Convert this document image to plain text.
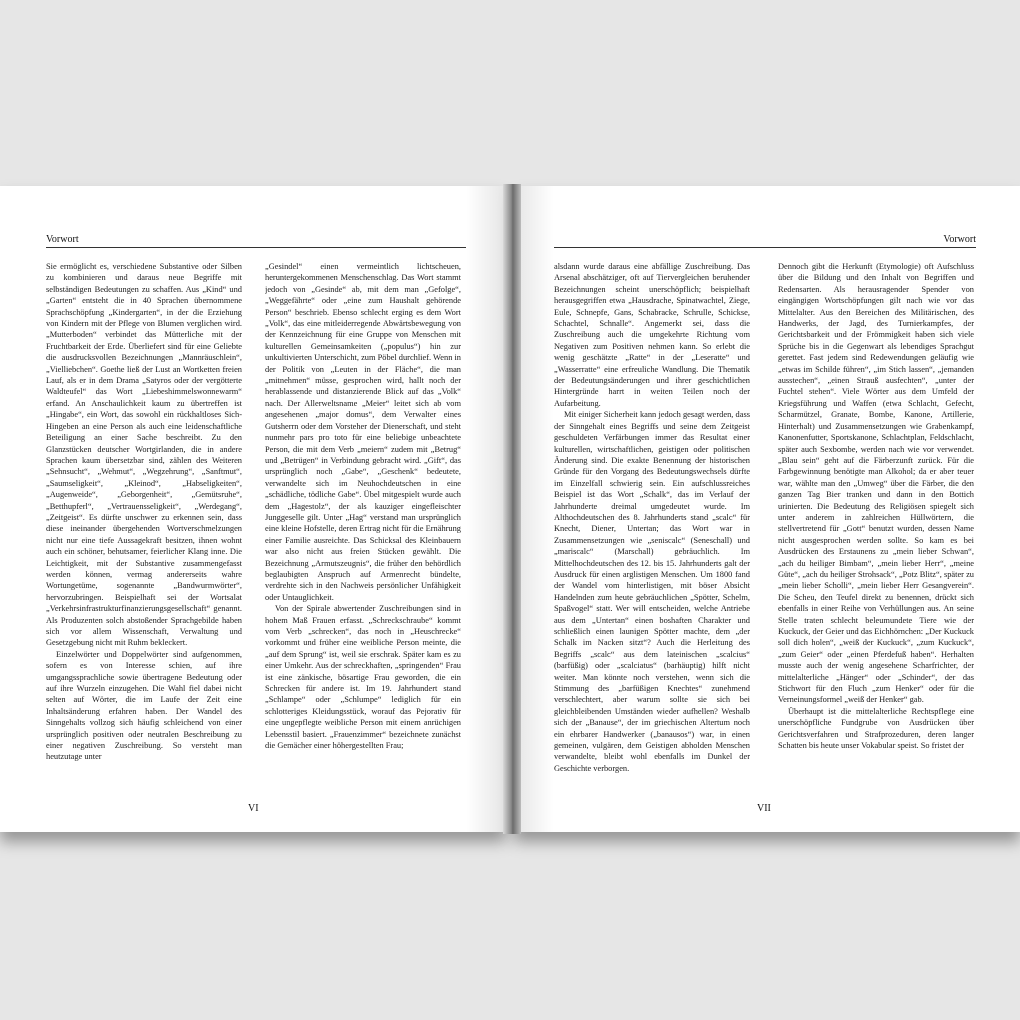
Vorwort

Sie ermöglicht es, verschiedene Substantive oder Silben zu kombinieren und daraus neue Begriffe mit selbständigen Bedeutungen zu schaffen. Aus „Kind“ und „Garten“ entsteht die in 40 Sprachen übernommene Sprachschöpfung „Kindergarten“, in der die Erziehung von Kindern mit der Pflege von Blumen verglichen wird. „Mutterboden“ verbindet das Mütterliche mit der Fruchtbarkeit der Erde. Überliefert sind für eine Geliebte die ausdrucksvollen Bezeichnungen „Mannräuschlein“, „Vielliebchen“. Goethe ließ der Lust an Wortketten freien Lauf, als er in dem Drama „Satyros oder der vergötterte Waldteufel“ das Wort „Liebeshimmelswonnewarm“ erfand. An Anschaulichkeit kaum zu übertreffen ist „Hingabe“, ein Wort, das sowohl ein rückhaltloses Sich-Hingeben an eine Person als auch eine leidenschaftliche Beteiligung an einer Sache beschreibt. Zu den Glanzstücken deutscher Wortgirlanden, die in andere Sprachen kaum übersetzbar sind, zählen des Weiteren „Sehnsucht“, „Wehmut“, „Wegzehrung“, „Sanftmut“, „Saumseligkeit“, „Kleinod“, „Habseligkeiten“, „Augenweide“, „Geborgenheit“, „Gemütsruhe“, „Betthupferl“, „Vertrauensseligkeit“, „Werdegang“, „Zeitgeist“. Es dürfte unschwer zu erkennen sein, dass diese ineinander übergehenden Wortverschmelzungen nicht nur eine tiefe Aussagekraft besitzen, ihnen wohnt auch ein schöner, behutsamer, feierlicher Klang inne. Die Leichtigkeit, mit der Substantive zusammengefasst werden können, vermag andererseits wahre Wortungetüme, sogenannte „Bandwurmwörter“, hervorzubringen. Beispielhaft sei der Wortsalat „Verkehrsinfrastrukturfinanzierungsgesellschaft“ genannt. Als Produzenten solch abstoßender Sprachgebilde haben sich vor allem Wissenschaft, Verwaltung und Gesetzgebung nicht mit Ruhm bekleckert.

Einzelwörter und Doppelwörter sind aufgenommen, sofern es von Interesse schien, auf ihre umgangssprachliche sowie übertragene Bedeutung oder auf ihre Wurzeln einzugehen. Die Wahl fiel dabei nicht selten auf Wörter, die im Laufe der Zeit eine Inhaltsänderung erfahren haben. Der Wandel des Sinngehalts vollzog sich häufig schleichend von einer ursprünglich positiven oder neutralen Beschreibung zu einer negativen Zuschreibung. So versteht man heutzutage unter

„Gesindel“ einen vermeintlich lichtscheuen, heruntergekommenen Menschenschlag. Das Wort stammt jedoch von „Gesinde“ ab, mit dem man „Gefolge“, „Weggefährte“ oder „eine zum Haushalt gehörende Person“ beschrieb. Ebenso schlecht erging es dem Wort „Volk“, das eine mitleiderregende Abwärtsbewegung von der Kennzeichnung für eine Gruppe von Menschen mit kulturellen Gemeinsamkeiten („populus“) hin zur unkultivierten Unterschicht, zum Pöbel durchlief. Wenn in der Politik von „Leuten in der Fläche“, die man „mitnehmen“ müsse, gesprochen wird, hallt noch der herablassende und distanzierende Blick auf das „Volk“ nach. Der Allerweltsname „Meier“ leitet sich ab vom angesehenen „major domus“, dem Verwalter eines Gutsherrn oder dem Vorsteher der Dienerschaft, und steht nunmehr pars pro toto für eine beliebige unbeachtete Person, die mit dem Verb „meiern“ zudem mit „Betrug“ und „Betrügen“ in Verbindung gebracht wird. „Gift“, das ursprünglich noch „Gabe“, „Geschenk“ bedeutete, verwandelte sich im Neuhochdeutschen in eine „schädliche, tödliche Gabe“. Übel mitgespielt wurde auch dem „Hagestolz“, der als kauziger eingefleischter Junggeselle gilt. Unter „Hag“ verstand man ursprünglich eine kleine Hofstelle, deren Ertrag nicht für die Ernährung einer Familie ausreichte. Das Schicksal des Kleinbauern war also nicht aus freien Stücken gewählt. Die Bezeichnung „Armutszeugnis“, die früher den behördlich beglaubigten Anspruch auf Armenrecht bündelte, verdrehte sich in den Nachweis persönlicher Unfähigkeit oder Untauglichkeit.

Von der Spirale abwertender Zuschreibungen sind in hohem Maß Frauen erfasst. „Schreckschraube“ kommt vom Verb „schrecken“, das noch in „Heuschrecke“ vorkommt und früher eine weibliche Person meinte, die „auf dem Sprung“ ist, weil sie erschrak. Später kam es zu einer Umkehr. Aus der schreckhaften, „springenden“ Frau ist eine zänkische, bösartige Frau geworden, die ein Schrecken für andere ist. Im 19. Jahrhundert stand „Schlampe“ oder „Schlumpe“ lediglich für ein schlotteriges Kleidungsstück, worauf das Pejorativ für eine ungepflegte weibliche Person mit einem anrüchigen Lebensstil basiert. „Frauenzimmer“ bezeichnete zunächst die Gemächer einer höhergestellten Frau;

VI
Vorwort

alsdann wurde daraus eine abfällige Zuschreibung. Das Arsenal abschätziger, oft auf Tiervergleichen beruhender Bezeichnungen scheint unerschöpflich; beispielhaft herausgegriffen etwa „Hausdrache, Spinatwachtel, Ziege, Eule, Schnepfe, Gans, Schabracke, Schrulle, Schicksе, Schachtel, Schnalle“. Angemerkt sei, dass die Zuschreibung auch die umgekehrte Richtung vom Negativen zum Positiven nehmen kann. So erlebt die wenig geschätzte „Ratte“ in der „Leseratte“ und „Wasserratte“ eine erfreuliche Wandlung. Die Thematik der Bedeutungsänderungen und ihrer geschichtlichen Hintergründe harrt in weiten Teilen noch der Aufarbeitung.

Mit einiger Sicherheit kann jedoch gesagt werden, dass der Sinngehalt eines Begriffs und seine dem Zeitgeist geschuldeten Verfärbungen immer das Resultat einer kulturellen, wirtschaftlichen, geistigen oder politischen Änderung sind. Die exakte Benennung der historischen Gründe für den Vorgang des Bedeutungswechsels dürfte im Einzelfall schwierig sein. Ein aufschlussreiches Beispiel ist das Wort „Schalk“, das im Verlauf der Jahrhunderte dreimal umgedeutet wurde. Im Althochdeutschen des 8. Jahrhunderts stand „scalc“ für Knecht, Diener, Untertan; das Wort war in Zusammensetzungen wie „seniscalc“ (Seneschall) und „mariscalc“ (Marschall) gebräuchlich. Im Mittelhochdeutschen des 12. bis 15. Jahrhunderts galt der Ausdruck für einen arglistigen Menschen. Um 1800 fand der Wandel vom hinterlistigen, mit böser Absicht Handelnden zum heute gebräuchlichen „Spötter, Schelm, Spaßvogel“ statt. Wer will entscheiden, welche Antriebe aus dem „Untertan“ einen boshaften Charakter und schließlich einen launigen Spötter machte, dem „der Schalk im Nacken sitzt“? Auch die Herleitung des Begriffs „scalc“ aus dem lateinischen „scalcius“ (barfüßig) oder „scalciatus“ (barhäuptig) hilft nicht weiter. Man könnte noch verstehen, wenn sich die Stimmung des „barfüßigen Knechtes“ zunehmend verschlechtert, aber warum sollte sie sich bei gleichbleibenden Umständen wieder aufhellen? Weshalb sich der „Banause“, der im griechischen Altertum noch ein ehrbarer Handwerker („banausos“) war, in einen gemeinen, vulgären, dem Geistigen abholden Menschen verwandelte, bleibt wohl ebenfalls im Dunkel der Geschichte verborgen.

Dennoch gibt die Herkunft (Etymologie) oft Aufschluss über die Bildung und den Inhalt von Begriffen und Redensarten. Als herausragender Spender von eingängigen Wortschöpfungen gilt nach wie vor das Mittelalter. Aus den Bereichen des Militärischen, des Handwerks, der Jagd, des Turnierkampfes, der Gerichtsbarkeit und der Frömmigkeit haben sich viele Sprüche bis in die Gegenwart als lebendiges Sprachgut gerettet. Fast jedem sind Redewendungen geläufig wie „etwas im Schilde führen“, „im Stich lassen“, „jemanden ausstechen“, „einen Strauß ausfechten“, „unter der Fuchtel stehen“. Viele Wörter aus dem Umfeld der Kriegsführung und Waffen (etwa Schlacht, Gefecht, Scharmützel, Granate, Bombe, Kanone, Artillerie, Hinterhalt) und Zusammensetzungen wie Grabenkampf, Kanonenfutter, Sportskanone, Schlachtplan, Feldschlacht, später auch Sexbombe, werden nach wie vor verwendet. „Blau sein“ geht auf die Färberzunft zurück. Für die Farbgewinnung benötigte man Alkohol; da er aber teuer war, wählte man den „Umweg“ über die Färber, die den ganzen Tag Bier tranken und dann in den Bottich urinierten. Die Bedeutung des Religiösen spiegelt sich unter anderem in zahlreichen Hüllwörtern, die stellvertretend für „Gott“ benutzt wurden, dessen Name nicht ausgesprochen werden sollte. So kam es bei Ausdrücken des Erstaunens zu „mein lieber Schwan“, „ach du heiliger Bimbam“, „mein lieber Herr“, „meine Güte“, „ach du heiliger Strohsack“, „Potz Blitz“, später zu „mein lieber Scholli“, „mein lieber Herr Gesangverein“. Die Scheu, den Teufel direkt zu benennen, drückt sich ebenfalls in einer Reihe von Verhüllungen aus. An seine Stelle traten schlecht beleumundete Tiere wie der Kuckuck, der Geier und das Eichhörnchen: „Der Kuckuck soll dich holen“, „weiß der Kuckuck“, „zum Kuckuck“, „zum Geier“ oder „einen Pferdefuß haben“. Herhalten musste auch der wenig angesehene Scharfrichter, der mittelalterliche „Hänger“ oder „Schinder“, der das Stichwort für den Fluch „zum Henker“ oder für die Verneinungsformel „weiß der Henker“ gab.

Überhaupt ist die mittelalterliche Rechtspflege eine unerschöpfliche Fundgrube von Ausdrücken über Gerichtsverfahren und Strafprozeduren, deren langer Schatten bis heute unser Vokabular speist. So fristet der

VII
